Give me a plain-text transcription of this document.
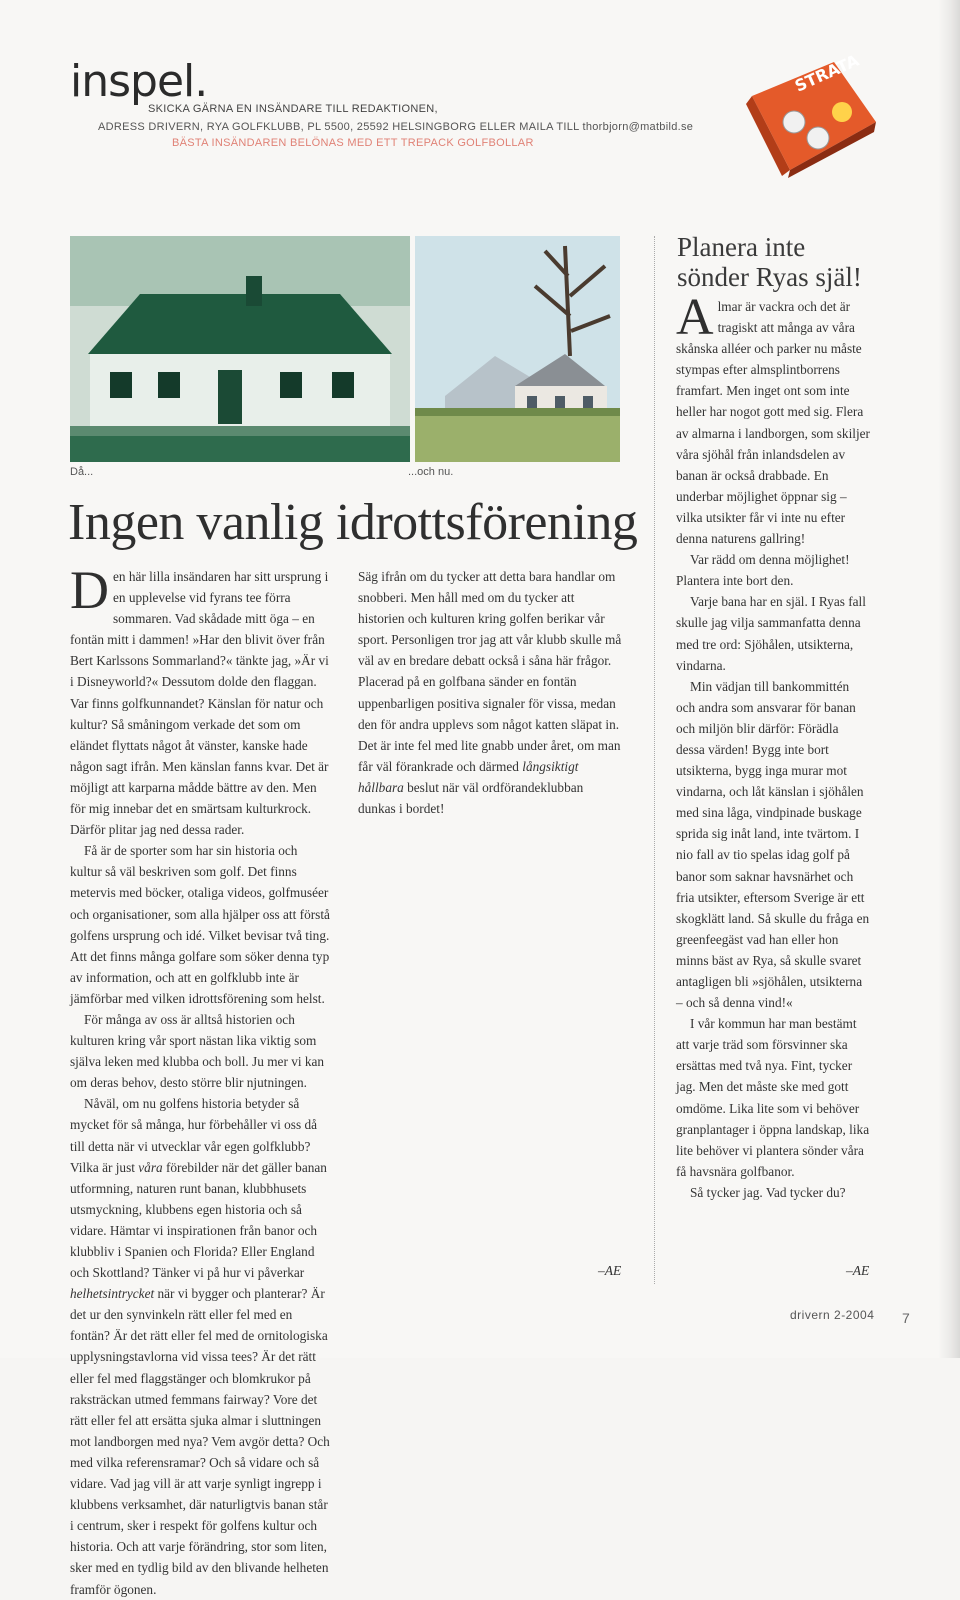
inspel.
SKICKA GÄRNA EN INSÄNDARE TILL REDAKTIONEN,
ADRESS DRIVERN, RYA GOLFKLUBB, PL 5500, 25592 HELSINGBORG ELLER MAILA TILL thorbjorn@matbild.se
BÄSTA INSÄNDAREN BELÖNAS MED ETT TREPACK GOLFBOLLAR
STRATA
Då...	...och nu.
Ingen vanlig idrottsförening

Den här lilla insändaren har sitt ursprung i en upplevelse vid fyrans tee förra sommaren. Vad skådade mitt öga – en fontän mitt i dammen! »Har den blivit över från Bert Karlssons Sommarland?« tänkte jag, »Är vi i Disneyworld?« Dessutom dolde den flaggan. Var finns golfkunnandet? Känslan för natur och kultur? Så småningom verkade det som om eländet flyttats något åt vänster, kanske hade någon sagt ifrån. Men känslan fanns kvar. Det är möjligt att karparna mådde bättre av den. Men för mig innebar det en smärtsam kulturkrock. Därför plitar jag ned dessa rader.

Få är de sporter som har sin historia och kultur så väl beskriven som golf. Det finns metervis med böcker, otaliga videos, golfmuséer och organisationer, som alla hjälper oss att förstå golfens ursprung och idé. Vilket bevisar två ting. Att det finns många golfare som söker denna typ av information, och att en golfklubb inte är jämförbar med vilken idrottsförening som helst.

För många av oss är alltså historien och kulturen kring vår sport nästan lika viktig som själva leken med klubba och boll. Ju mer vi kan om deras behov, desto större blir njutningen.

Nåväl, om nu golfens historia betyder så mycket för så många, hur förbehåller vi oss då till detta när vi utvecklar vår egen golfklubb? Vilka är just våra förebilder när det gäller banan utformning, naturen runt banan, klubbhusets utsmyckning, klubbens egen historia och så vidare. Hämtar vi inspirationen från banor och klubbliv i Spanien och Florida? Eller England och Skottland? Tänker vi på hur vi påverkar helhetsintrycket när vi bygger och planterar? Är det ur den synvinkeln rätt eller fel med en fontän? Är det rätt eller fel med de ornitologiska upplysningstavlorna vid vissa tees? Är det rätt eller fel med flaggstänger och blomkrukor på raksträckan utmed femmans fairway? Vore det rätt eller fel att ersätta sjuka almar i sluttningen mot landborgen med nya? Vem avgör detta? Och med vilka referensramar? Och så vidare och så vidare. Vad jag vill är att varje synligt ingrepp i klubbens verksamhet, där naturligtvis banan står i centrum, sker i respekt för golfens kultur och historia. Och att varje förändring, stor som liten, sker med en tydlig bild av den blivande helheten framför ögonen.

Säg ifrån om du tycker att detta bara handlar om snobberi. Men håll med om du tycker att historien och kulturen kring golfen berikar vår sport. Personligen tror jag att vår klubb skulle må väl av en bredare debatt också i såna här frågor. Placerad på en golfbana sänder en fontän uppenbarligen positiva signaler för vissa, medan den för andra upplevs som något katten släpat in. Det är inte fel med lite gnabb under året, om man får väl förankrade och därmed långsiktigt hållbara beslut när väl ordförandeklubban dunkas i bordet!

–AE
Planera inte sönder Ryas själ!

Almar är vackra och det är tragiskt att många av våra skånska alléer och parker nu måste stympas efter almsplintborrens framfart. Men inget ont som inte heller har nogot gott med sig. Flera av almarna i landborgen, som skiljer våra sjöhål från inlandsdelen av banan är också drabbade. En underbar möjlighet öppnar sig – vilka utsikter får vi inte nu efter denna naturens gallring!

Var rädd om denna möjlighet! Plantera inte bort den.

Varje bana har en själ. I Ryas fall skulle jag vilja sammanfatta denna med tre ord: Sjöhålen, utsikterna, vindarna.

Min vädjan till bankommittén och andra som ansvarar för banan och miljön blir därför: Förädla dessa värden! Bygg inte bort utsikterna, bygg inga murar mot vindarna, och låt känslan i sjöhålen med sina låga, vindpinade buskage sprida sig inåt land, inte tvärtom. I nio fall av tio spelas idag golf på banor som saknar havsnärhet och fria utsikter, eftersom Sverige är ett skogklätt land. Så skulle du fråga en greenfeegäst vad han eller hon minns bäst av Rya, så skulle svaret antagligen bli »sjöhålen, utsikterna – och så denna vind!«

I vår kommun har man bestämt att varje träd som försvinner ska ersättas med två nya. Fint, tycker jag. Men det måste ske med gott omdöme. Lika lite som vi behöver granplantager i öppna landskap, lika lite behöver vi plantera sönder våra få havsnära golfbanor.

Så tycker jag. Vad tycker du?

–AE
drivern 2-2004 7
